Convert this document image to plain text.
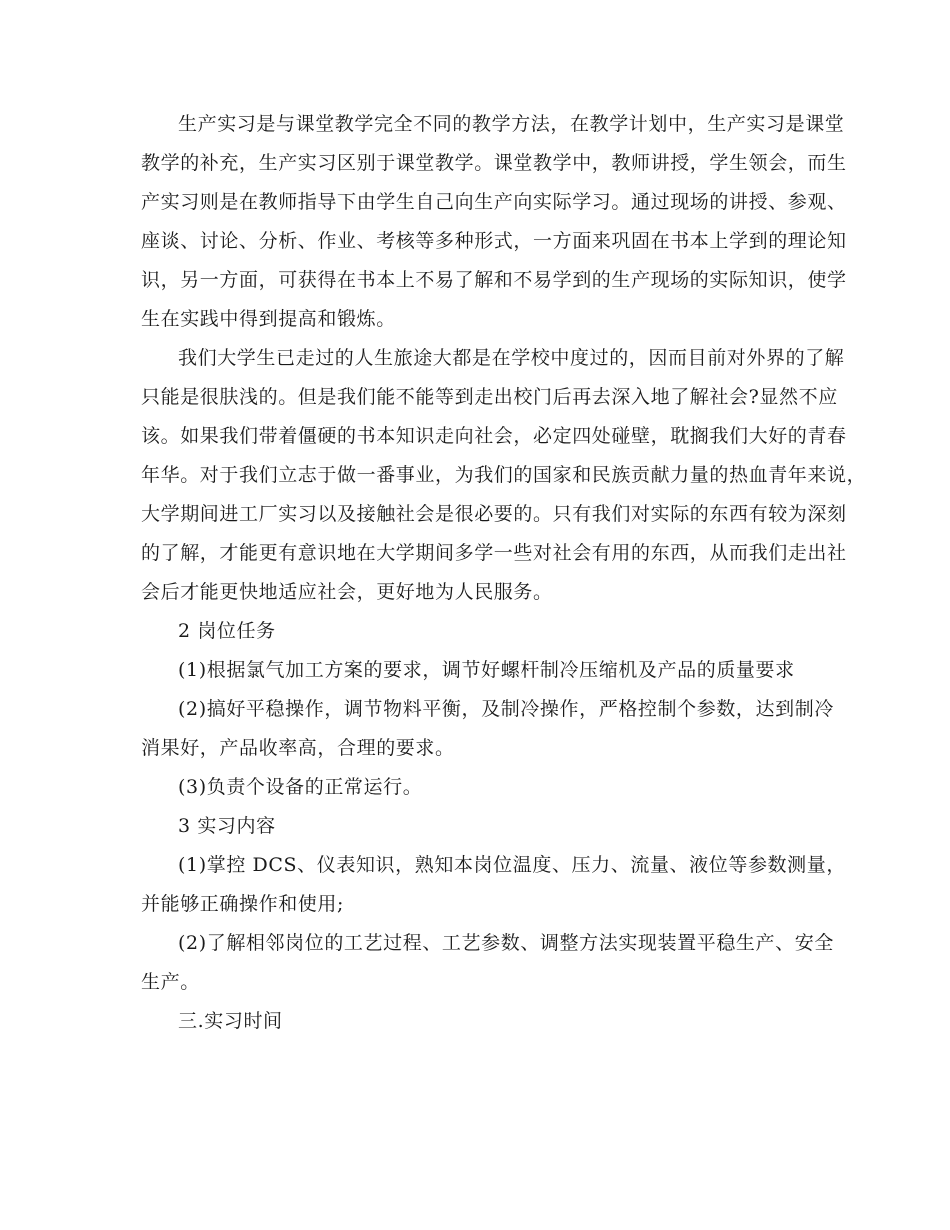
生产实习是与课堂教学完全不同的教学方法，在教学计划中，生产实习是课堂
教学的补充，生产实习区别于课堂教学。课堂教学中，教师讲授，学生领会，而生
产实习则是在教师指导下由学生自己向生产向实际学习。通过现场的讲授、参观、
座谈、讨论、分析、作业、考核等多种形式，一方面来巩固在书本上学到的理论知
识，另一方面，可获得在书本上不易了解和不易学到的生产现场的实际知识，使学
生在实践中得到提高和锻炼。
我们大学生已走过的人生旅途大都是在学校中度过的，因而目前对外界的了解
只能是很肤浅的。但是我们能不能等到走出校门后再去深入地了解社会?显然不应
该。如果我们带着僵硬的书本知识走向社会，必定四处碰壁，耽搁我们大好的青春
年华。对于我们立志于做一番事业，为我们的国家和民族贡献力量的热血青年来说，
大学期间进工厂实习以及接触社会是很必要的。只有我们对实际的东西有较为深刻
的了解，才能更有意识地在大学期间多学一些对社会有用的东西，从而我们走出社
会后才能更快地适应社会，更好地为人民服务。
2 岗位任务
(1)根据氯气加工方案的要求，调节好螺杆制冷压缩机及产品的质量要求
(2)搞好平稳操作，调节物料平衡，及制冷操作，严格控制个参数，达到制冷
消果好，产品收率高，合理的要求。
(3)负责个设备的正常运行。
3 实习内容
(1)掌控 DCS、仪表知识，熟知本岗位温度、压力、流量、液位等参数测量，
并能够正确操作和使用;
(2)了解相邻岗位的工艺过程、工艺参数、调整方法实现装置平稳生产、安全
生产。
三.实习时间
